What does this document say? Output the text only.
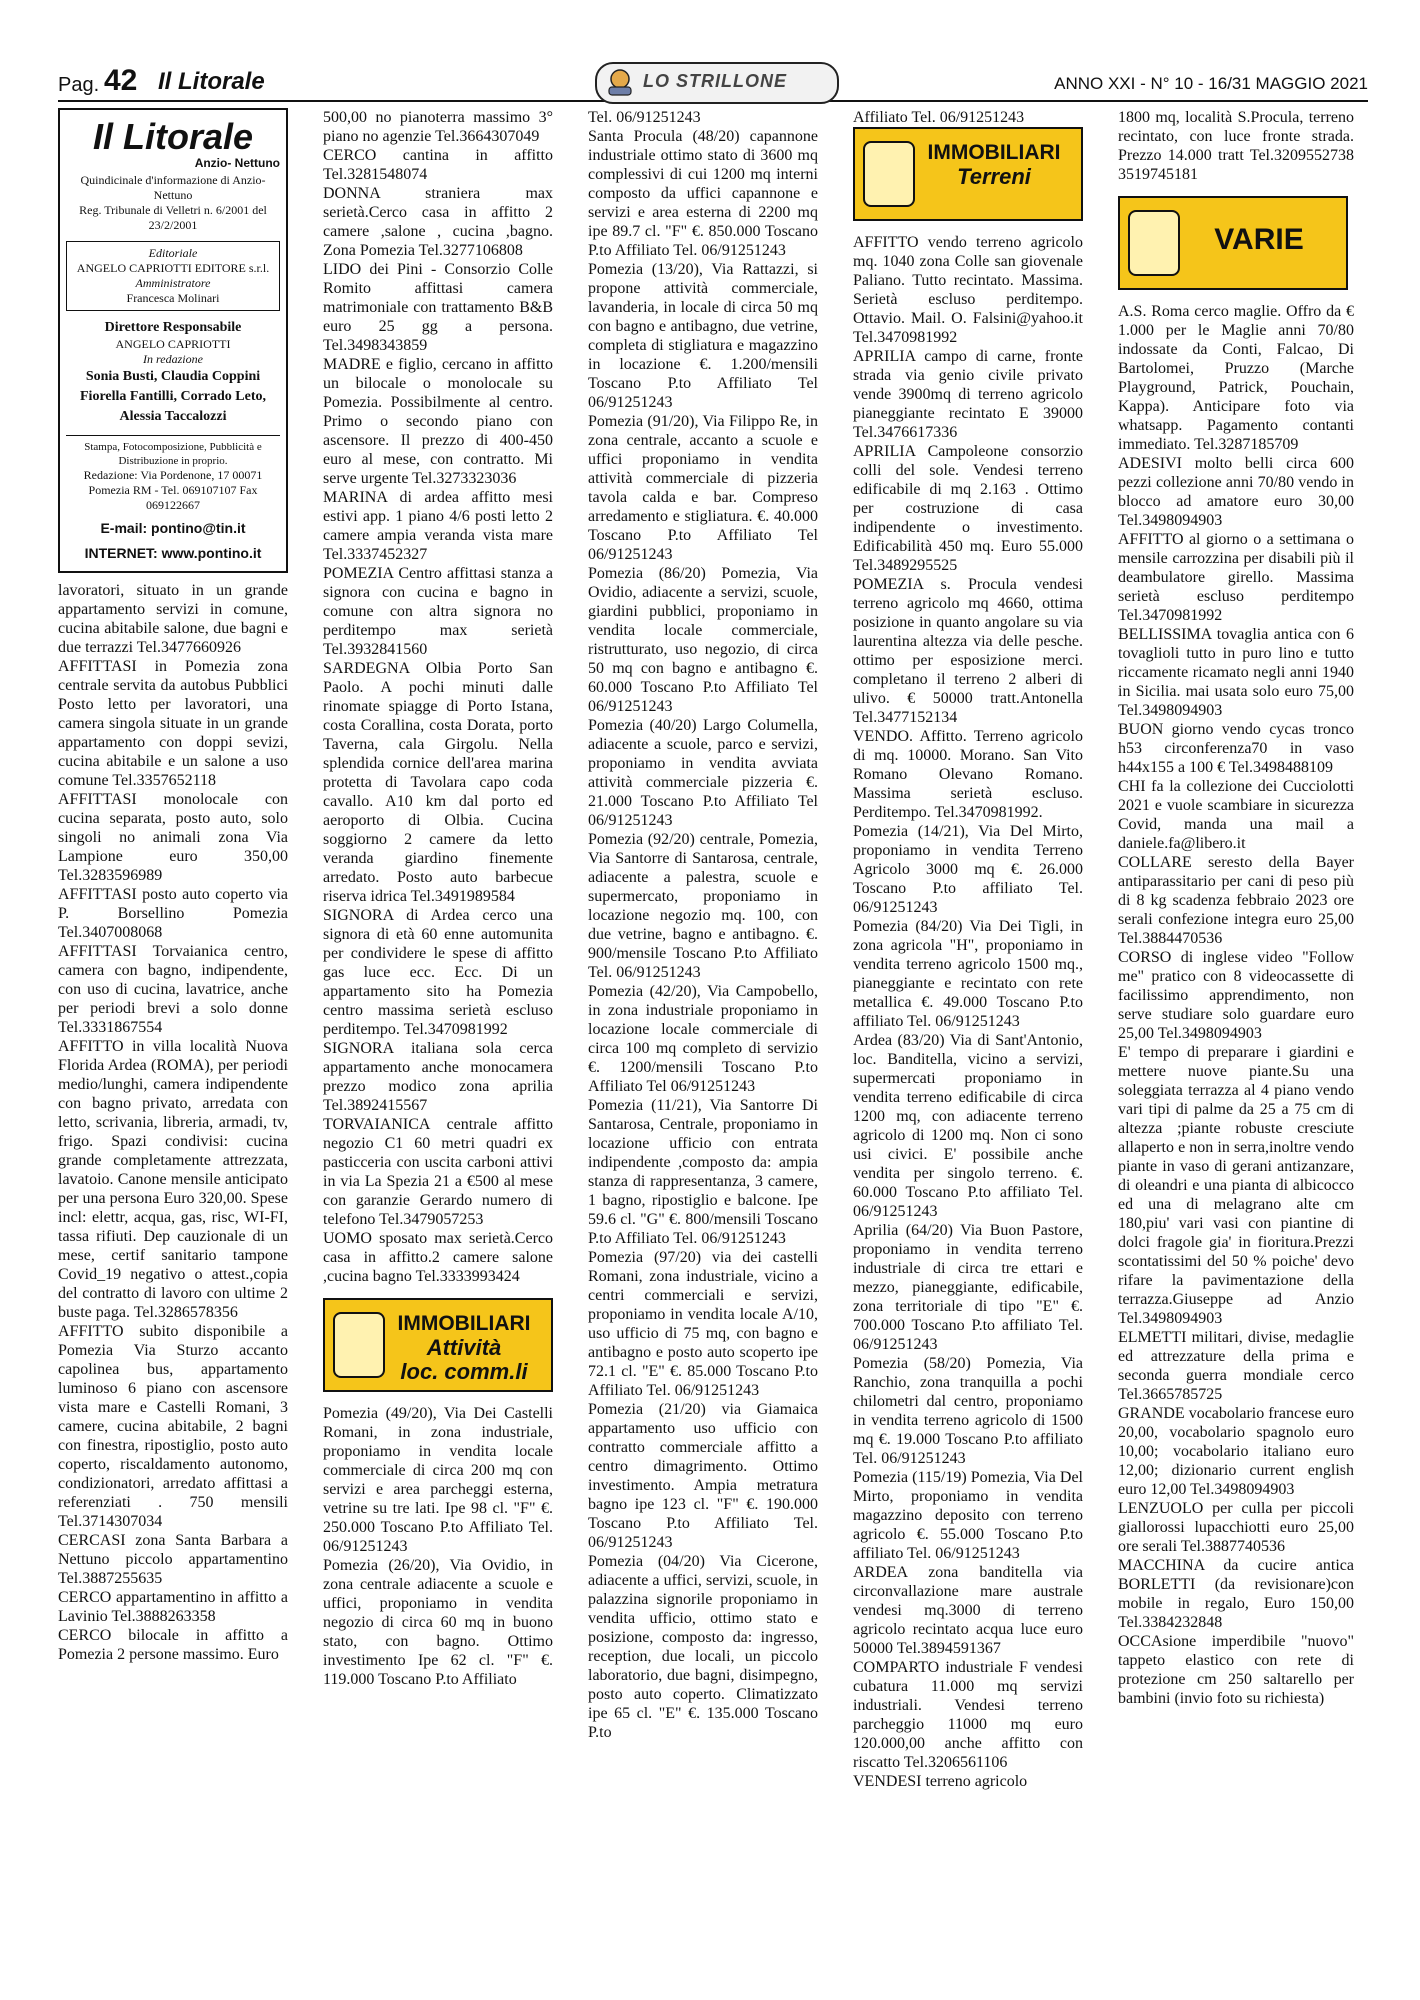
Pag. 42 Il Litorale	ANNO XXI - N° 10 - 16/31 MAGGIO 2021
LO STRILLONE
Il Litorale
Anzio- Nettuno
Quindicinale d'informazione di Anzio-Nettuno
Reg. Tribunale di Velletri n. 6/2001 del 23/2/2001
Editoriale
ANGELO CAPRIOTTI EDITORE s.r.l.
Amministratore
Francesca Molinari
Direttore Responsabile
ANGELO CAPRIOTTI
In redazione
Sonia Busti, Claudia Coppini Fiorella Fantilli, Corrado Leto, Alessia Taccalozzi
Stampa, Fotocomposizione, Pubblicità e Distribuzione in proprio.
Redazione: Via Pordenone, 17 00071 Pomezia RM - Tel. 069107107 Fax 069122667
E-mail: pontino@tin.it
INTERNET: www.pontino.it

lavoratori, situato in un grande appartamento servizi in comune, cucina abitabile salone, due bagni e due terrazzi Tel.3477660926

AFFITTASI in Pomezia zona centrale servita da autobus Pubblici Posto letto per lavoratori, una camera singola situate in un grande appartamento con doppi sevizi, cucina abitabile e un salone a uso comune Tel.3357652118

AFFITTASI monolocale con cucina separata, posto auto, solo singoli no animali zona Via Lampione euro 350,00 Tel.3283596989

AFFITTASI posto auto coperto via P. Borsellino Pomezia Tel.3407008068

AFFITTASI Torvaianica centro, camera con bagno, indipendente, con uso di cucina, lavatrice, anche per periodi brevi a solo donne Tel.3331867554

AFFITTO in villa località Nuova Florida Ardea (ROMA), per periodi medio/lunghi, camera indipendente con bagno privato, arredata con letto, scrivania, libreria, armadi, tv, frigo. Spazi condivisi: cucina grande completamente attrezzata, lavatoio. Canone mensile anticipato per una persona Euro 320,00. Spese incl: elettr, acqua, gas, risc, WI-FI, tassa rifiuti. Dep cauzionale di un mese, certif sanitario tampone Covid_19 negativo o attest.,copia del contratto di lavoro con ultime 2 buste paga. Tel.3286578356

AFFITTO subito disponibile a Pomezia Via Sturzo accanto capolinea bus, appartamento luminoso 6 piano con ascensore vista mare e Castelli Romani, 3 camere, cucina abitabile, 2 bagni con finestra, ripostiglio, posto auto coperto, riscaldamento autonomo, condizionatori, arredato affittasi a referenziati . 750 mensili Tel.3714307034

CERCASI zona Santa Barbara a Nettuno piccolo appartamentino Tel.3887255635

CERCO appartamentino in affitto a Lavinio Tel.3888263358

CERCO bilocale in affitto a Pomezia 2 persone massimo. Euro

500,00 no pianoterra massimo 3° piano no agenzie Tel.3664307049

CERCO cantina in affitto Tel.3281548074

DONNA straniera max serietà.Cerco casa in affitto 2 camere ,salone , cucina ,bagno. Zona Pomezia Tel.3277106808

LIDO dei Pini - Consorzio Colle Romito affittasi camera matrimoniale con trattamento B&B euro 25 gg a persona. Tel.3498343859

MADRE e figlio, cercano in affitto un bilocale o monolocale su Pomezia. Possibilmente al centro. Primo o secondo piano con ascensore. Il prezzo di 400-450 euro al mese, con contratto. Mi serve urgente Tel.3273323036

MARINA di ardea affitto mesi estivi app. 1 piano 4/6 posti letto 2 camere ampia veranda vista mare Tel.3337452327

POMEZIA Centro affittasi stanza a signora con cucina e bagno in comune con altra signora no perditempo max serietà Tel.3932841560

SARDEGNA Olbia Porto San Paolo. A pochi minuti dalle rinomate spiagge di Porto Istana, costa Corallina, costa Dorata, porto Taverna, cala Girgolu. Nella splendida cornice dell'area marina protetta di Tavolara capo coda cavallo. A10 km dal porto ed aeroporto di Olbia. Cucina soggiorno 2 camere da letto veranda giardino finemente arredato. Posto auto barbecue riserva idrica Tel.3491989584

SIGNORA di Ardea cerco una signora di età 60 enne automunita per condividere le spese di affitto gas luce ecc. Ecc. Di un appartamento sito ha Pomezia centro massima serietà escluso perditempo. Tel.3470981992

SIGNORA italiana sola cerca appartamento anche monocamera prezzo modico zona aprilia Tel.3892415567

TORVAIANICA centrale affitto negozio C1 60 metri quadri ex pasticceria con uscita carboni attivi in via La Spezia 21 a €500 al mese con garanzie Gerardo numero di telefono Tel.3479057253

UOMO sposato max serietà.Cerco casa in affitto.2 camere salone ,cucina bagno Tel.3333993424

IMMOBILIARI
Attività
loc. comm.li

Pomezia (49/20), Via Dei Castelli Romani, in zona industriale, proponiamo in vendita locale commerciale di circa 200 mq con servizi e area parcheggi esterna, vetrine su tre lati. Ipe 98 cl. "F" €. 250.000 Toscano P.to Affiliato Tel. 06/91251243

Pomezia (26/20), Via Ovidio, in zona centrale adiacente a scuole e uffici, proponiamo in vendita negozio di circa 60 mq in buono stato, con bagno. Ottimo investimento Ipe 62 cl. "F" €. 119.000 Toscano P.to Affiliato

Tel. 06/91251243

Santa Procula (48/20) capannone industriale ottimo stato di 3600 mq complessivi di cui 1200 mq interni composto da uffici capannone e servizi e area esterna di 2200 mq ipe 89.7 cl. "F" €. 850.000 Toscano P.to Affiliato Tel. 06/91251243

Pomezia (13/20), Via Rattazzi, si propone attività commerciale, lavanderia, in locale di circa 50 mq con bagno e antibagno, due vetrine, completa di stigliatura e magazzino in locazione €. 1.200/mensili Toscano P.to Affiliato Tel 06/91251243

Pomezia (91/20), Via Filippo Re, in zona centrale, accanto a scuole e uffici proponiamo in vendita attività commerciale di pizzeria tavola calda e bar. Compreso arredamento e stigliatura. €. 40.000 Toscano P.to Affiliato Tel 06/91251243

Pomezia (86/20) Pomezia, Via Ovidio, adiacente a servizi, scuole, giardini pubblici, proponiamo in vendita locale commerciale, ristrutturato, uso negozio, di circa 50 mq con bagno e antibagno €. 60.000 Toscano P.to Affiliato Tel 06/91251243

Pomezia (40/20) Largo Columella, adiacente a scuole, parco e servizi, proponiamo in vendita avviata attività commerciale pizzeria €. 21.000 Toscano P.to Affiliato Tel 06/91251243

Pomezia (92/20) centrale, Pomezia, Via Santorre di Santarosa, centrale, adiacente a palestra, scuole e supermercato, proponiamo in locazione negozio mq. 100, con due vetrine, bagno e antibagno. €. 900/mensile Toscano P.to Affiliato Tel. 06/91251243

Pomezia (42/20), Via Campobello, in zona industriale proponiamo in locazione locale commerciale di circa 100 mq completo di servizio €. 1200/mensili Toscano P.to Affiliato Tel 06/91251243

Pomezia (11/21), Via Santorre Di Santarosa, Centrale, proponiamo in locazione ufficio con entrata indipendente ,composto da: ampia stanza di rappresentanza, 3 camere, 1 bagno, ripostiglio e balcone. Ipe 59.6 cl. "G" €. 800/mensili Toscano P.to Affiliato Tel. 06/91251243

Pomezia (97/20) via dei castelli Romani, zona industriale, vicino a centri commerciali e servizi, proponiamo in vendita locale A/10, uso ufficio di 75 mq, con bagno e antibagno e posto auto scoperto ipe 72.1 cl. "E" €. 85.000 Toscano P.to Affiliato Tel. 06/91251243

Pomezia (21/20) via Giamaica appartamento uso ufficio con contratto commerciale affitto a centro dimagrimento. Ottimo investimento. Ampia metratura bagno ipe 123 cl. "F" €. 190.000 Toscano P.to Affiliato Tel. 06/91251243

Pomezia (04/20) Via Cicerone, adiacente a uffici, servizi, scuole, in palazzina signorile proponiamo in vendita ufficio, ottimo stato e posizione, composto da: ingresso, reception, due locali, un piccolo laboratorio, due bagni, disimpegno, posto auto coperto. Climatizzato ipe 65 cl. "E" €. 135.000 Toscano P.to

Affiliato Tel. 06/91251243

IMMOBILIARI
Terreni

AFFITTO vendo terreno agricolo mq. 1040 zona Colle san giovenale Paliano. Tutto recintato. Massima. Serietà escluso perditempo. Ottavio. Mail. O. Falsini@yahoo.it Tel.3470981992

APRILIA campo di carne, fronte strada via genio civile privato vende 3900mq di terreno agricolo pianeggiante recintato E 39000 Tel.3476617336

APRILIA Campoleone consorzio colli del sole. Vendesi terreno edificabile di mq 2.163 . Ottimo per costruzione di casa indipendente o investimento. Edificabilità 450 mq. Euro 55.000 Tel.3489295525

POMEZIA s. Procula vendesi terreno agricolo mq 4660, ottima posizione in quanto angolare su via laurentina altezza via delle pesche. ottimo per esposizione merci. completano il terreno 2 alberi di ulivo. € 50000 tratt.Antonella Tel.3477152134

VENDO. Affitto. Terreno agricolo di mq. 10000. Morano. San Vito Romano Olevano Romano. Massima serietà escluso. Perditempo. Tel.3470981992.

Pomezia (14/21), Via Del Mirto, proponiamo in vendita Terreno Agricolo 3000 mq €. 26.000 Toscano P.to affiliato Tel. 06/91251243

Pomezia (84/20) Via Dei Tigli, in zona agricola "H", proponiamo in vendita terreno agricolo 1500 mq., pianeggiante e recintato con rete metallica €. 49.000 Toscano P.to affiliato Tel. 06/91251243

Ardea (83/20) Via di Sant'Antonio, loc. Banditella, vicino a servizi, supermercati proponiamo in vendita terreno edificabile di circa 1200 mq, con adiacente terreno agricolo di 1200 mq. Non ci sono usi civici. E' possibile anche vendita per singolo terreno. €. 60.000 Toscano P.to affiliato Tel. 06/91251243

Aprilia (64/20) Via Buon Pastore, proponiamo in vendita terreno industriale di circa tre ettari e mezzo, pianeggiante, edificabile, zona territoriale di tipo "E" €. 700.000 Toscano P.to affiliato Tel. 06/91251243

Pomezia (58/20) Pomezia, Via Ranchio, zona tranquilla a pochi chilometri dal centro, proponiamo in vendita terreno agricolo di 1500 mq €. 19.000 Toscano P.to affiliato Tel. 06/91251243

Pomezia (115/19) Pomezia, Via Del Mirto, proponiamo in vendita magazzino deposito con terreno agricolo €. 55.000 Toscano P.to affiliato Tel. 06/91251243

ARDEA zona banditella via circonvallazione mare australe vendesi mq.3000 di terreno agricolo recintato acqua luce euro 50000 Tel.3894591367

COMPARTO industriale F vendesi cubatura 11.000 mq servizi industriali. Vendesi terreno parcheggio 11000 mq euro 120.000,00 anche affitto con riscatto Tel.3206561106

VENDESI terreno agricolo

1800 mq, località S.Procula, terreno recintato, con luce fronte strada. Prezzo 14.000 tratt Tel.3209552738 3519745181

VARIE

A.S. Roma cerco maglie. Offro da € 1.000 per le Maglie anni 70/80 indossate da Conti, Falcao, Di Bartolomei, Pruzzo (Marche Playground, Patrick, Pouchain, Kappa). Anticipare foto via whatsapp. Pagamento contanti immediato. Tel.3287185709

ADESIVI molto belli circa 600 pezzi collezione anni 70/80 vendo in blocco ad amatore euro 30,00 Tel.3498094903

AFFITTO al giorno o a settimana o mensile carrozzina per disabili più il deambulatore girello. Massima serietà escluso perditempo Tel.3470981992

BELLISSIMA tovaglia antica con 6 tovaglioli tutto in puro lino e tutto riccamente ricamato negli anni 1940 in Sicilia. mai usata solo euro 75,00 Tel.3498094903

BUON giorno vendo cycas tronco h53 circonferenza70 in vaso h44x155 a 100 € Tel.3498488109

CHI fa la collezione dei Cucciolotti 2021 e vuole scambiare in sicurezza Covid, manda una mail a daniele.fa@libero.it

COLLARE seresto della Bayer antiparassitario per cani di peso più di 8 kg scadenza febbraio 2023 ore serali confezione integra euro 25,00 Tel.3884470536

CORSO di inglese video "Follow me" pratico con 8 videocassette di facilissimo apprendimento, non serve studiare solo guardare euro 25,00 Tel.3498094903

E' tempo di preparare i giardini e mettere nuove piante.Su una soleggiata terrazza al 4 piano vendo vari tipi di palme da 25 a 75 cm di altezza ;piante robuste cresciute allaperto e non in serra,inoltre vendo piante in vaso di gerani antizanzare, di oleandri e una pianta di albicocco ed una di melagrano alte cm 180,piu' vari vasi con piantine di dolci fragole gia' in fioritura.Prezzi scontatissimi del 50 % poiche' devo rifare la pavimentazione della terrazza.Giuseppe ad Anzio Tel.3498094903

ELMETTI militari, divise, medaglie ed attrezzature della prima e seconda guerra mondiale cerco Tel.3665785725

GRANDE vocabolario francese euro 20,00, vocabolario spagnolo euro 10,00; vocabolario italiano euro 12,00; dizionario current english euro 12,00 Tel.3498094903

LENZUOLO per culla per piccoli giallorossi lupacchiotti euro 25,00 ore serali Tel.3887740536

MACCHINA da cucire antica BORLETTI (da revisionare)con mobile in regalo, Euro 150,00 Tel.3384232848

OCCAsione imperdibile "nuovo" tappeto elastico con rete di protezione cm 250 saltarello per bambini (invio foto su richiesta)
